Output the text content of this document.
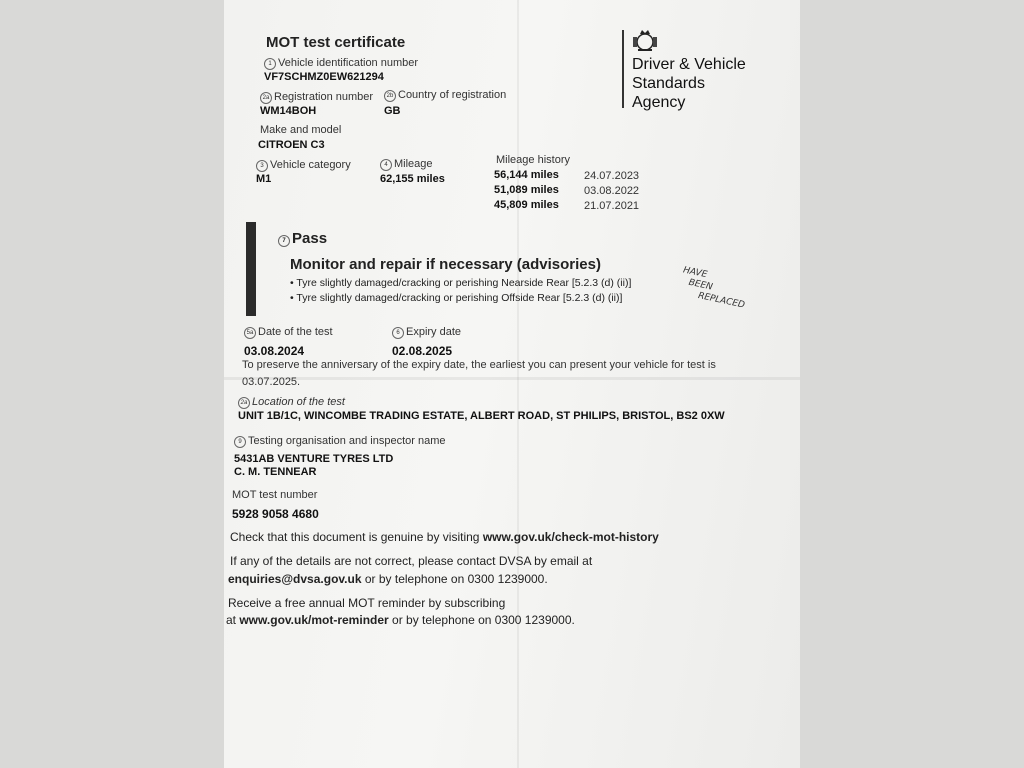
MOT test certificate
1 Vehicle identification number
VF7SCHMZ0EW621294
2a Registration number
WM14BOH
2b Country of registration
GB
Make and model
CITROEN C3
3 Vehicle category
M1
4 Mileage
62,155 miles
Mileage history
56,144 miles 24.07.2023
51,089 miles 03.08.2022
45,809 miles 21.07.2021
Driver & Vehicle
Standards
Agency
7 Pass
Monitor and repair if necessary (advisories)
• Tyre slightly damaged/cracking or perishing Nearside Rear [5.2.3 (d) (ii)]
• Tyre slightly damaged/cracking or perishing Offside Rear [5.2.3 (d) (ii)]
HAVE
BEEN
REPLACED
5a Date of the test
03.08.2024
6 Expiry date
02.08.2025
To preserve the anniversary of the expiry date, the earliest you can present your vehicle for test is
03.07.2025.
2a Location of the test
UNIT 1B/1C, WINCOMBE TRADING ESTATE, ALBERT ROAD, ST PHILIPS, BRISTOL, BS2 0XW
9 Testing organisation and inspector name
5431AB VENTURE TYRES LTD
C. M. TENNEAR
MOT test number
5928 9058 4680
Check that this document is genuine by visiting www.gov.uk/check-mot-history
If any of the details are not correct, please contact DVSA by email at
enquiries@dvsa.gov.uk or by telephone on 0300 1239000.
Receive a free annual MOT reminder by subscribing
at www.gov.uk/mot-reminder or by telephone on 0300 1239000.
